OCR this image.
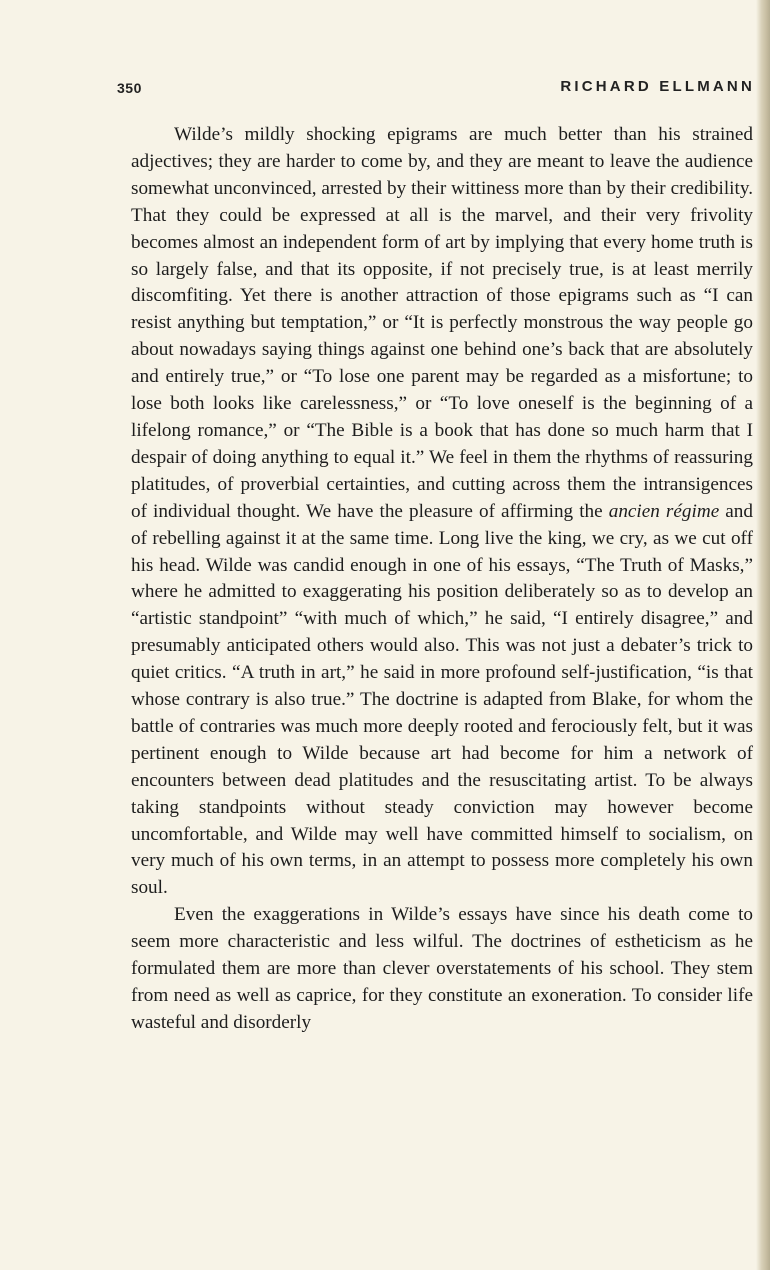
350	RICHARD ELLMANN

Wilde’s mildly shocking epigrams are much better than his strained adjectives; they are harder to come by, and they are meant to leave the audience somewhat unconvinced, arrested by their wittiness more than by their credibility. That they could be expressed at all is the marvel, and their very frivolity becomes almost an independent form of art by implying that every home truth is so largely false, and that its opposite, if not precisely true, is at least merrily discomfiting. Yet there is another attraction of those epigrams such as “I can resist anything but temptation,” or “It is perfectly monstrous the way people go about nowadays saying things against one behind one’s back that are absolutely and entirely true,” or “To lose one parent may be regarded as a misfortune; to lose both looks like carelessness,” or “To love oneself is the beginning of a lifelong romance,” or “The Bible is a book that has done so much harm that I despair of doing anything to equal it.” We feel in them the rhythms of reassuring platitudes, of proverbial certainties, and cutting across them the intransigences of individual thought. We have the pleasure of affirming the ancien régime and of rebelling against it at the same time. Long live the king, we cry, as we cut off his head. Wilde was candid enough in one of his essays, “The Truth of Masks,” where he admitted to exaggerating his position deliberately so as to develop an “artistic standpoint” “with much of which,” he said, “I entirely disagree,” and presumably anticipated others would also. This was not just a debater’s trick to quiet critics. “A truth in art,” he said in more profound self-justification, “is that whose contrary is also true.” The doctrine is adapted from Blake, for whom the battle of contraries was much more deeply rooted and ferociously felt, but it was pertinent enough to Wilde because art had become for him a network of encounters between dead platitudes and the resuscitating artist. To be always taking standpoints without steady conviction may however become uncomfortable, and Wilde may well have committed himself to socialism, on very much of his own terms, in an attempt to possess more completely his own soul.

Even the exaggerations in Wilde’s essays have since his death come to seem more characteristic and less wilful. The doctrines of estheticism as he formulated them are more than clever overstatements of his school. They stem from need as well as caprice, for they constitute an exoneration. To consider life wasteful and disorderly
